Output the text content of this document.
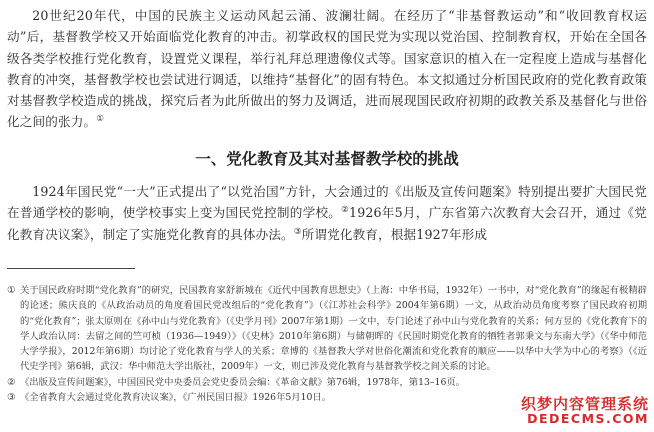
20世纪20年代，中国的民族主义运动风起云涌、波澜壮阔。在经历了“非基督教运动”和“收回教育权运动”后，基督教学校又开始面临党化教育的冲击。初掌政权的国民党为实现以党治国、控制教育权，开始在全国各级各类学校推行党化教育，设置党义课程，举行礼拜总理遗像仪式等。国家意识的植入在一定程度上造成与基督化教育的冲突，基督教学校也尝试进行调适，以维持“基督化”的固有特色。本文拟通过分析国民政府的党化教育政策对基督教学校造成的挑战，探究后者为此所做出的努力及调适，进而展现国民政府初期的政教关系及基督化与世俗化之间的张力。①

一、党化教育及其对基督教学校的挑战

1924年国民党“一大”正式提出了“以党治国”方针，大会通过的《出版及宣传问题案》特别提出要扩大国民党在普通学校的影响，使学校事实上变为国民党控制的学校。②1926年5月，广东省第六次教育大会召开，通过《党化教育决议案》，制定了实施党化教育的具体办法。③所谓党化教育，根据1927年形成

① 关于国民政府时期“党化教育”的研究，民国教育家舒新城在《近代中国教育思想史》（上海：中华书局，1932年）一书中，对“党化教育”的缘起有极精辟的论述；熊庆良的《从政治动员的角度看国民党改组后的“党化教育”》（《江苏社会科学》2004年第6期）一文，从政治动员角度考察了国民政府初期的“党化教育”；张太原则在《孙中山与党化教育》（《史学月刊》2007年第1期）一文中，专门论述了孙中山与党化教育的关系；何方昱的《党化教育下的学人政治认同：去留之间的竺可桢（1936—1949）》（《史林》2010年第6期）与储朝晖的《民国时期党化教育的牺牲者郭秉文与东南大学》（《华中师范大学学报》，2012年第6期）均讨论了党化教育与学人的关系；章博的《基督教大学对世俗化潮流和党化教育的顺应——以华中大学为中心的考察》（《近代史学刊》第6辑，武汉：华中师范大学出版社，2009年）一文，则已涉及党化教育与基督教学校之间关系的讨论。
② 《出版及宣传问题案》，中国国民党中央委员会党史委员会编：《革命文献》第76辑，1978年，第13–16页。
③ 《全省教育大会通过党化教育决议案》，《广州民国日报》1926年5月10日。	织梦内容管理系统
DEDECMS.COM
